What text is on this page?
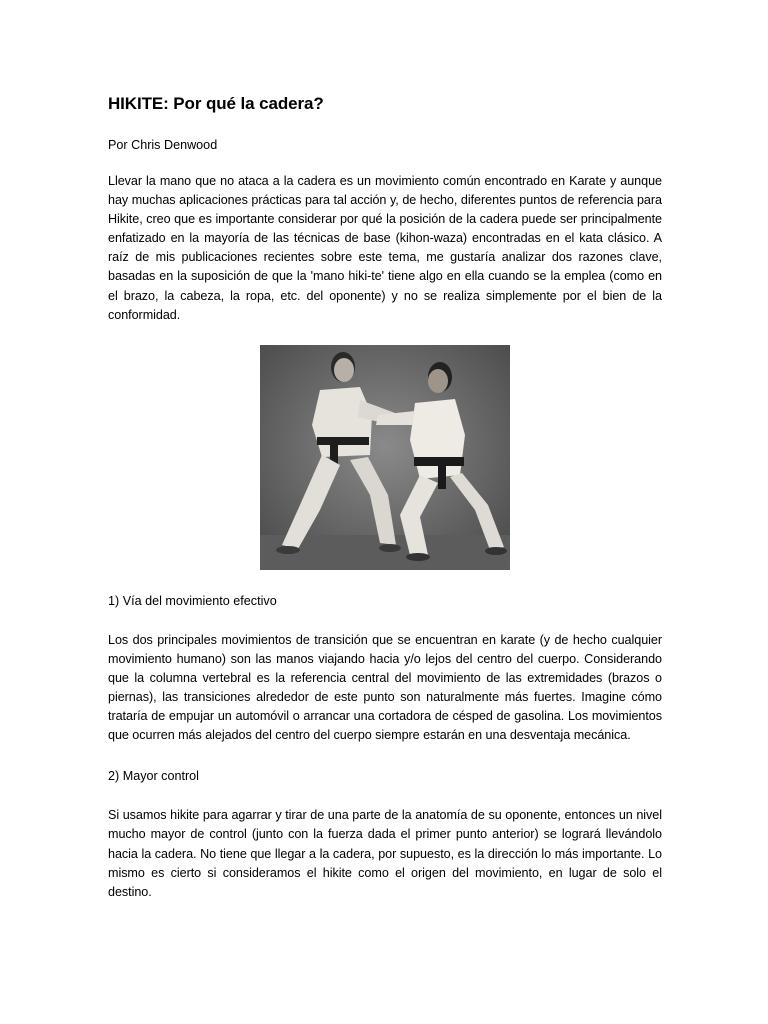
HIKITE: Por qué la cadera?

Por Chris Denwood

Llevar la mano que no ataca a la cadera es un movimiento común encontrado en Karate y aunque hay muchas aplicaciones prácticas para tal acción y, de hecho, diferentes puntos de referencia para Hikite, creo que es importante considerar por qué la posición de la cadera puede ser principalmente enfatizado en la mayoría de las técnicas de base (kihon-waza) encontradas en el kata clásico. A raíz de mis publicaciones recientes sobre este tema, me gustaría analizar dos razones clave, basadas en la suposición de que la 'mano hiki-te' tiene algo en ella cuando se la emplea (como en el brazo, la cabeza, la ropa, etc. del oponente) y no se realiza simplemente por el bien de la conformidad.

1) Vía del movimiento efectivo

Los dos principales movimientos de transición que se encuentran en karate (y de hecho cualquier movimiento humano) son las manos viajando hacia y/o lejos del centro del cuerpo. Considerando que la columna vertebral es la referencia central del movimiento de las extremidades (brazos o piernas), las transiciones alrededor de este punto son naturalmente más fuertes. Imagine cómo trataría de empujar un automóvil o arrancar una cortadora de césped de gasolina. Los movimientos que ocurren más alejados del centro del cuerpo siempre estarán en una desventaja mecánica.

2) Mayor control

Si usamos hikite para agarrar y tirar de una parte de la anatomía de su oponente, entonces un nivel mucho mayor de control (junto con la fuerza dada el primer punto anterior) se logrará llevándolo hacia la cadera. No tiene que llegar a la cadera, por supuesto, es la dirección lo más importante. Lo mismo es cierto si consideramos el hikite como el origen del movimiento, en lugar de solo el destino.
